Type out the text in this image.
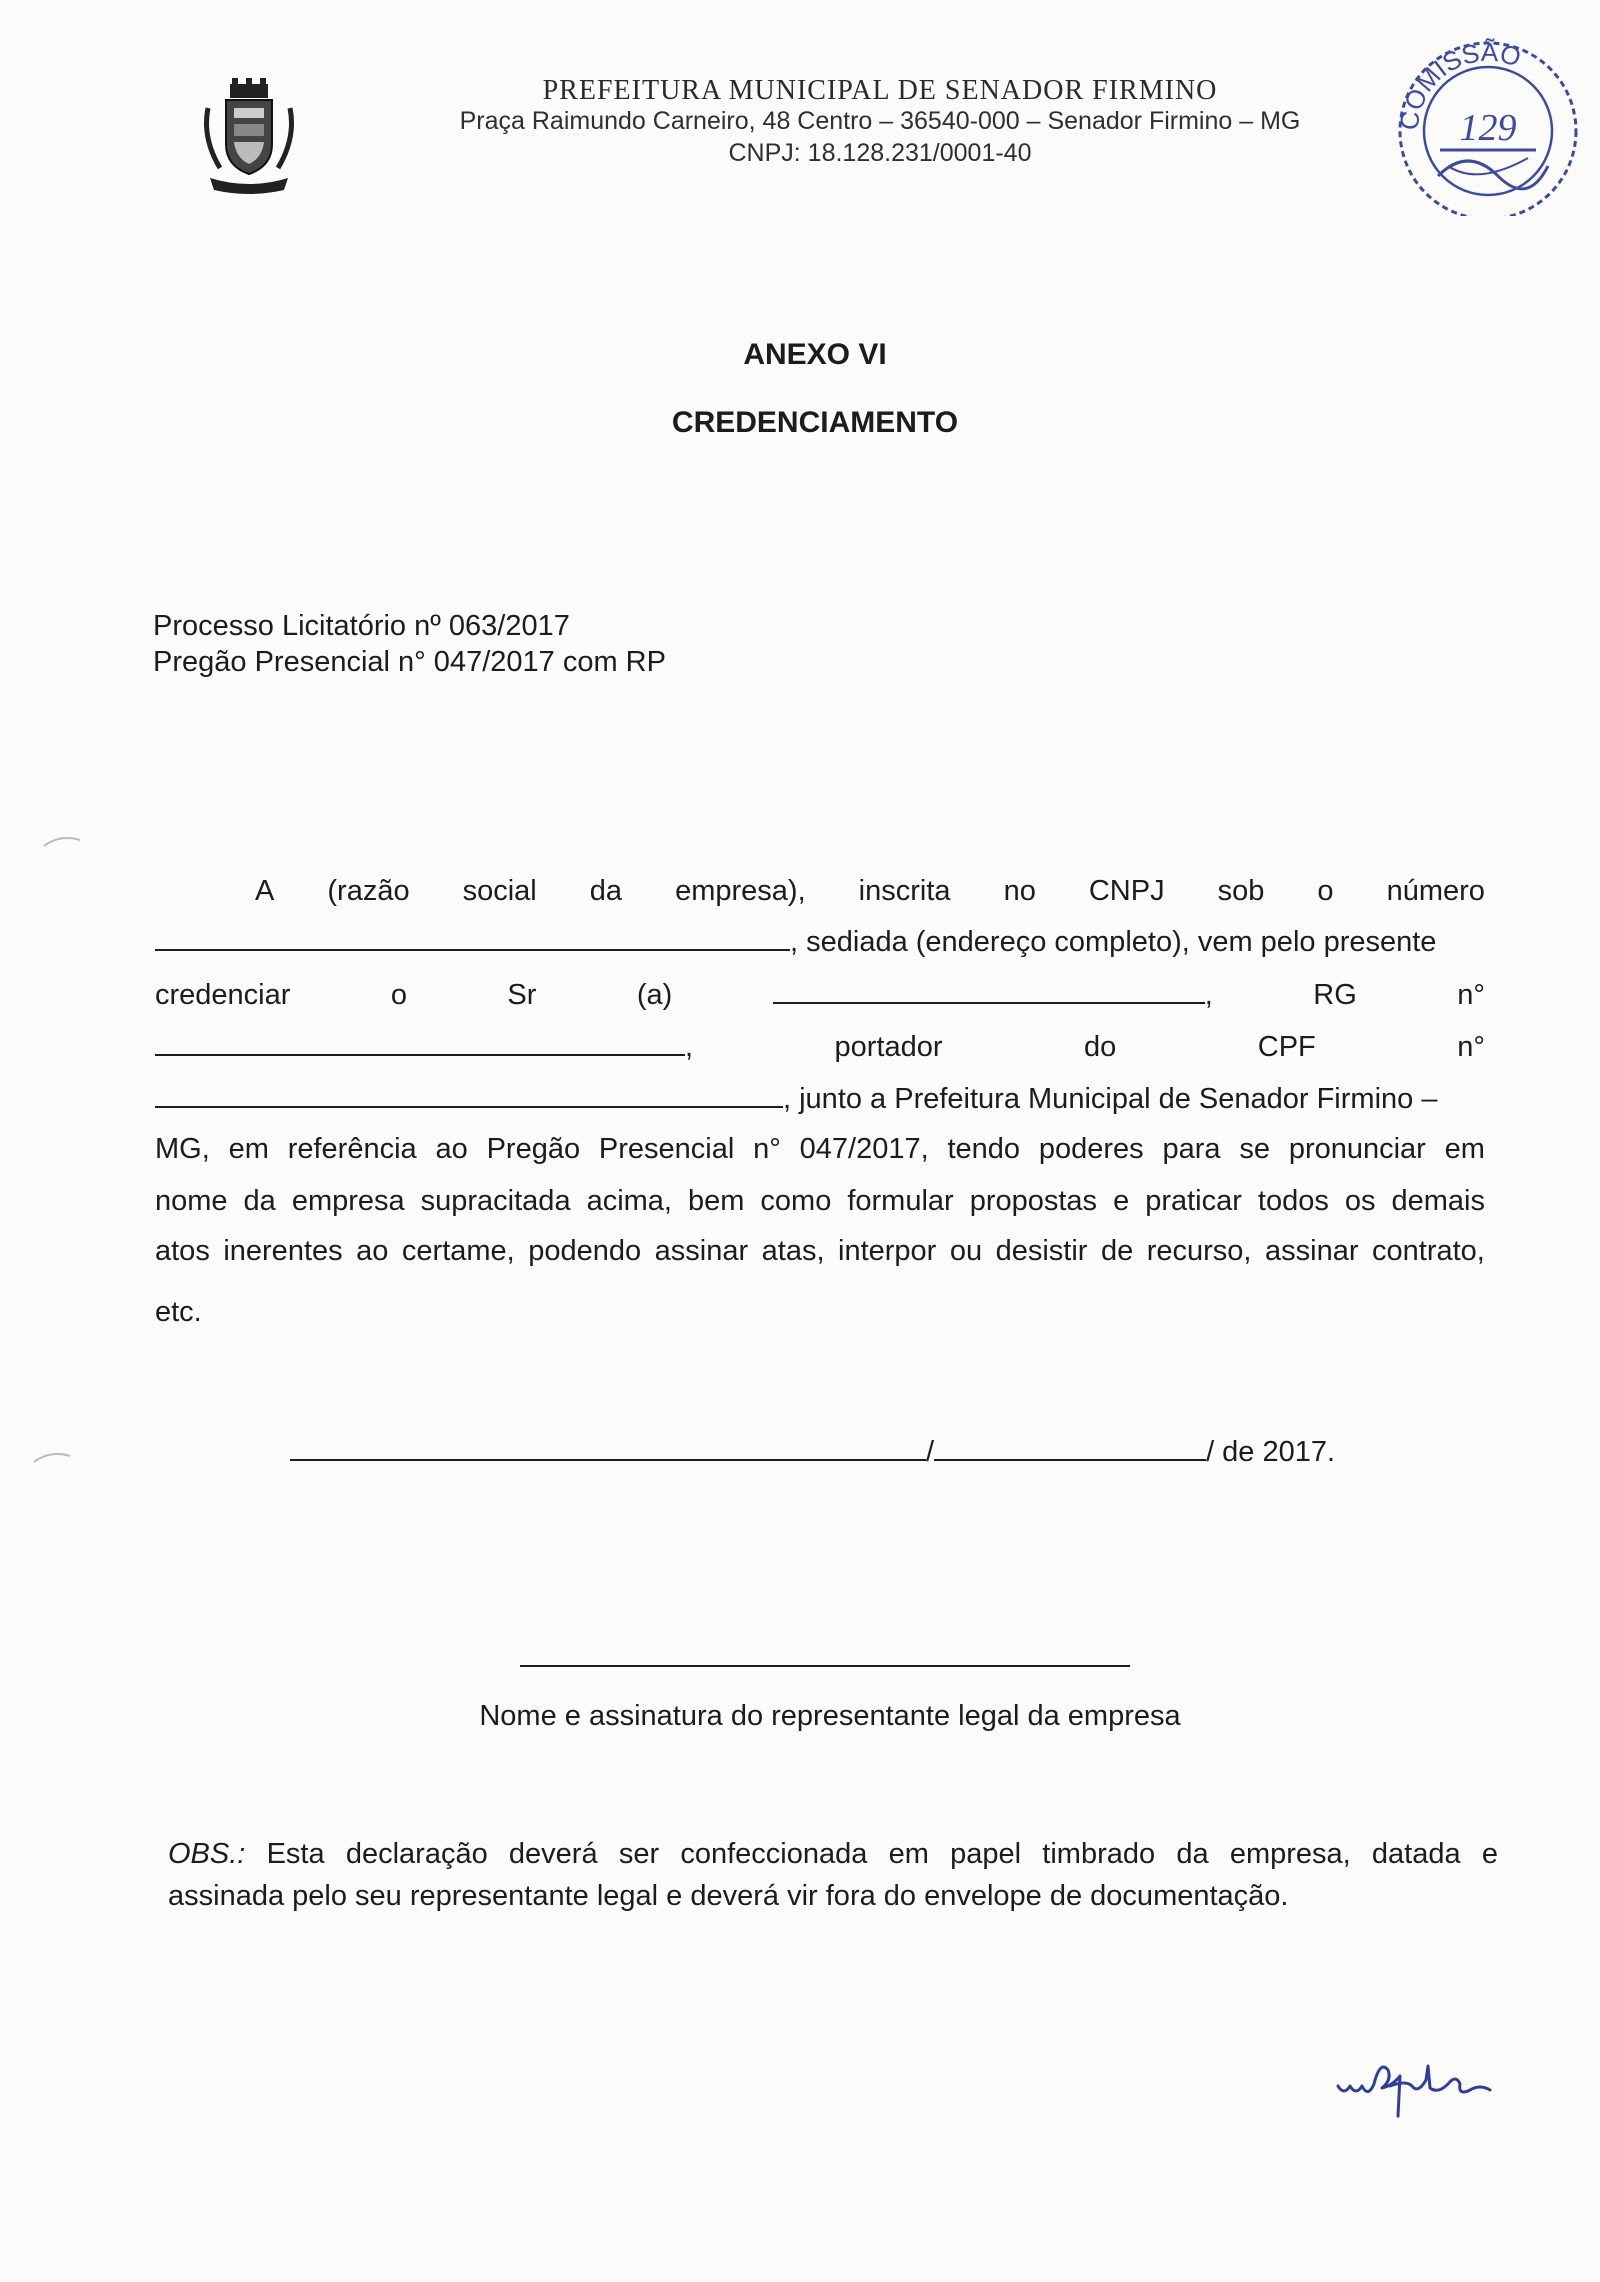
PREFEITURA MUNICIPAL DE SENADOR FIRMINO
Praça Raimundo Carneiro, 48 Centro – 36540-000 – Senador Firmino – MG
CNPJ: 18.128.231/0001-40
COMISSÃO
129
ANEXO VI
CREDENCIAMENTO
Processo Licitatório nº 063/2017
Pregão Presencial n° 047/2017 com RP
A (razão social da empresa), inscrita no CNPJ sob o número
, sediada (endereço completo), vem pelo presente
credenciar	o	Sr	(a)	,	RG	n°
,	portador	do	CPF	n°
, junto a Prefeitura Municipal de Senador Firmino –
MG, em referência ao Pregão Presencial n° 047/2017, tendo poderes para se pronunciar em
nome da empresa supracitada acima, bem como formular propostas e praticar todos os demais
atos inerentes ao certame, podendo assinar atas, interpor ou desistir de recurso, assinar contrato,
etc.
/	/ de 2017.
Nome e assinatura do representante legal da empresa
OBS.: Esta declaração deverá ser confeccionada em papel timbrado da empresa, datada e
assinada pelo seu representante legal e deverá vir fora do envelope de documentação.
